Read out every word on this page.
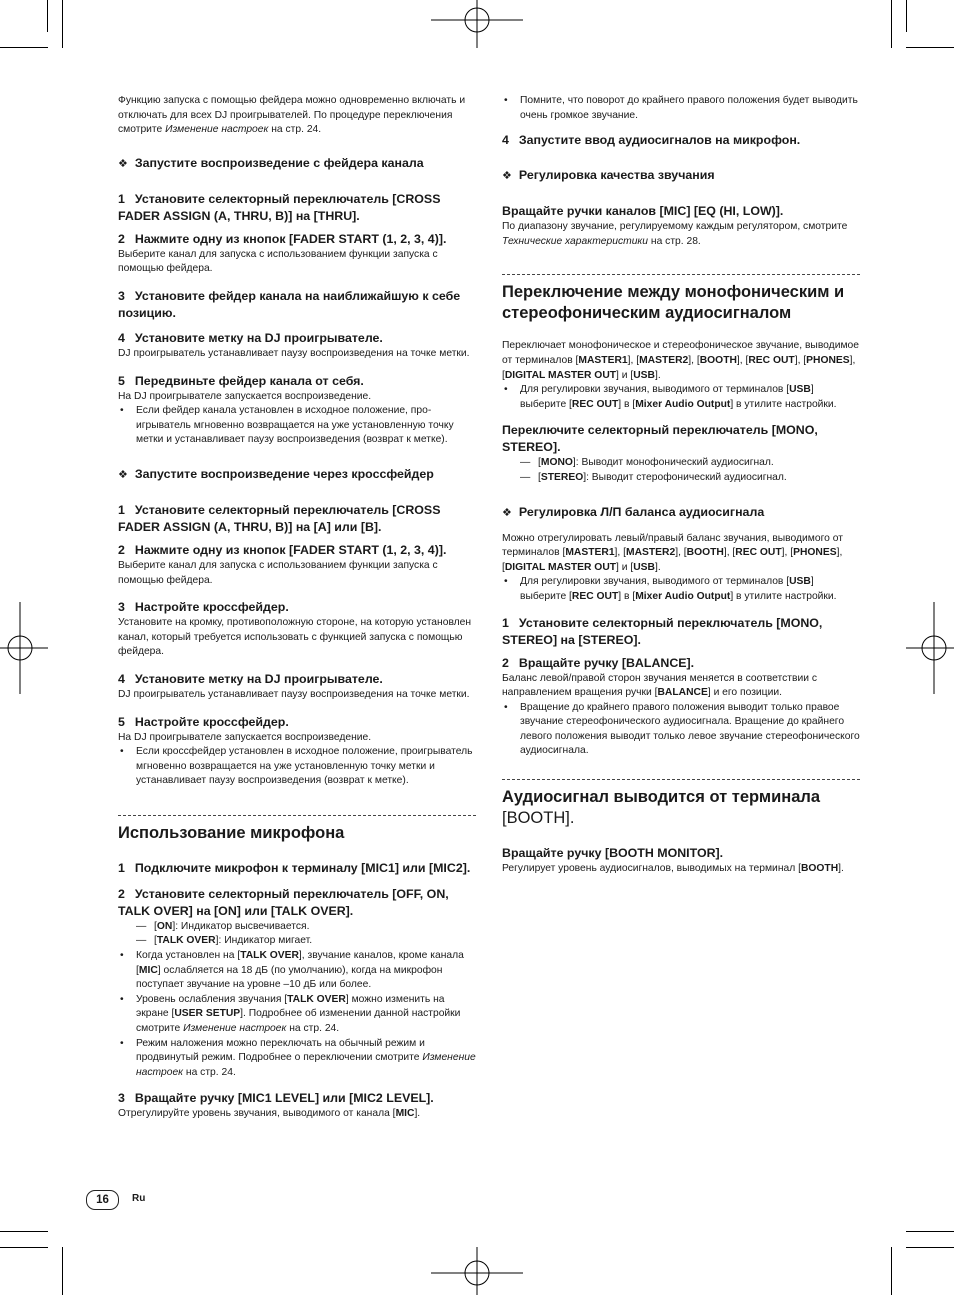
Функцию запуска с помощью фейдера можно одновременно включать и отключать для всех DJ проигрывателей. По процедуре переключения смотрите Изменение настроек на стр. 24.

❖ Запустите воспроизведение с фейдера канала

1 Установите селекторный переключатель [CROSS FADER ASSIGN (A, THRU, B)] на [THRU].

2 Нажмите одну из кнопок [FADER START (1, 2, 3, 4)].

Выберите канал для запуска с использованием функции запуска с помощью фейдера.

3 Установите фейдер канала на наиближайшую к себе позицию.

4 Установите метку на DJ проигрывателе.

DJ проигрыватель устанавливает паузу воспроизведения на точке метки.

5 Передвиньте фейдер канала от себя.

На DJ проигрывателе запускается воспроизведение.

• Если фейдер канала установлен в исходное положение, проигрыватель мгновенно возвращается на уже установленную точку метки и устанавливает паузу воспроизведения (возврат к метке).

❖ Запустите воспроизведение через кроссфейдер

1 Установите селекторный переключатель [CROSS FADER ASSIGN (A, THRU, B)] на [A] или [B].

2 Нажмите одну из кнопок [FADER START (1, 2, 3, 4)].

Выберите канал для запуска с использованием функции запуска с помощью фейдера.

3 Настройте кроссфейдер.

Установите на кромку, противоположную стороне, на которую установлен канал, который требуется использовать с функцией запуска с помощью фейдера.

4 Установите метку на DJ проигрывателе.

DJ проигрыватель устанавливает паузу воспроизведения на точке метки.

5 Настройте кроссфейдер.

На DJ проигрывателе запускается воспроизведение.

• Если кроссфейдер установлен в исходное положение, проигрыватель мгновенно возвращается на уже установленную точку метки и устанавливает паузу воспроизведения (возврат к метке).

Использование микрофона

1 Подключите микрофон к терминалу [MIC1] или [MIC2].

2 Установите селекторный переключатель [OFF, ON, TALK OVER] на [ON] или [TALK OVER].

— [ON]: Индикатор высвечивается.
— [TALK OVER]: Индикатор мигает.
• Когда установлен на [TALK OVER], звучание каналов, кроме канала [MIC] ослабляется на 18 дБ (по умолчанию), когда на микрофон поступает звучание на уровне –10 дБ или более.
• Уровень ослабления звучания [TALK OVER] можно изменить на экране [USER SETUP]. Подробнее об изменении данной настройки смотрите Изменение настроек на стр. 24.
• Режим наложения можно переключать на обычный режим и продвинутый режим. Подробнее о переключении смотрите Изменение настроек на стр. 24.

3 Вращайте ручку [MIC1 LEVEL] или [MIC2 LEVEL].

Отрегулируйте уровень звучания, выводимого от канала [MIC].

• Помните, что поворот до крайнего правого положения будет выводить очень громкое звучание.

4 Запустите ввод аудиосигналов на микрофон.

❖ Регулировка качества звучания

Вращайте ручки каналов [MIC] [EQ (HI, LOW)].

По диапазону звучание, регулируемому каждым регулятором, смотрите Технические характеристики на стр. 28.

Переключение между монофоническим и стереофоническим аудиосигналом

Переключает монофоническое и стереофоническое звучание, выводимое от терминалов [MASTER1], [MASTER2], [BOOTH], [REC OUT], [PHONES], [DIGITAL MASTER OUT] и [USB].

• Для регулировки звучания, выводимого от терминалов [USB] выберите [REC OUT] в [Mixer Audio Output] в утилите настройки.

Переключите селекторный переключатель [MONO, STEREO].

— [MONO]: Выводит монофонический аудиосигнал.
— [STEREO]: Выводит стерофонический аудиосигнал.

❖ Регулировка Л/П баланса аудиосигнала

Можно отрегулировать левый/правый баланс звучания, выводимого от терминалов [MASTER1], [MASTER2], [BOOTH], [REC OUT], [PHONES], [DIGITAL MASTER OUT] и [USB].

• Для регулировки звучания, выводимого от терминалов [USB] выберите [REC OUT] в [Mixer Audio Output] в утилите настройки.

1 Установите селекторный переключатель [MONO, STEREO] на [STEREO].

2 Вращайте ручку [BALANCE].

Баланс левой/правой сторон звучания меняется в соответствии с направлением вращения ручки [BALANCE] и его позиции.

• Вращение до крайнего правого положения выводит только правое звучание стереофонического аудиосигнала. Вращение до крайнего левого положения выводит только левое звучание стереофонического аудиосигнала.

Аудиосигнал выводится от терминала [BOOTH].

Вращайте ручку [BOOTH MONITOR].

Регулирует уровень аудиосигналов, выводимых на терминал [BOOTH].

16	Ru
